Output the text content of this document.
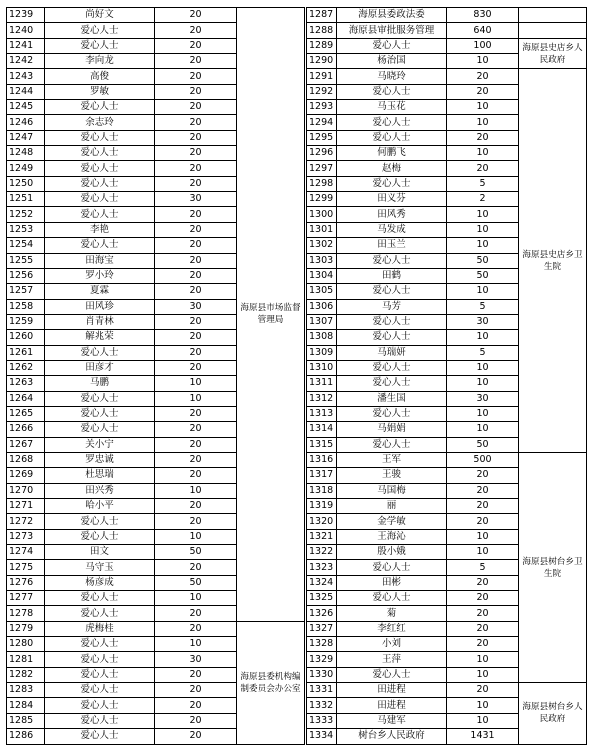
1239	尚好文	20	海原县市场监督管理局
1240	爱心人士	20	
1241	爱心人士	20	
1242	李向龙	20	
1243	高俊	20	
1244	罗敏	20	
1245	爱心人士	20	
1246	余志玲	20	
1247	爱心人士	20	
1248	爱心人士	20	
1249	爱心人士	20	
1250	爱心人士	20	
1251	爱心人士	30	
1252	爱心人士	20	
1253	李艳	20	
1254	爱心人士	20	
1255	田海宝	20	
1256	罗小玲	20	
1257	夏霖	20	
1258	田风珍	30	
1259	肖青林	20	
1260	解兆荣	20	
1261	爱心人士	20	
1262	田彦才	20	
1263	马鹏	10	
1264	爱心人士	10	
1265	爱心人士	20	
1266	爱心人士	20	
1267	关小宁	20	
1268	罗忠诚	20	
1269	杜思瑞	20	
1270	田兴秀	10	
1271	哈小平	20	
1272	爱心人士	20	
1273	爱心人士	10	
1274	田文	50	
1275	马守玉	20	
1276	杨彦成	50	
1277	爱心人士	10	
1278	爱心人士	20	
1279	虎梅桂	20	海原县委机构编制委员会办公室
1280	爱心人士	10	
1281	爱心人士	30	
1282	爱心人士	20	
1283	爱心人士	20	
1284	爱心人士	20	
1285	爱心人士	20	
1286	爱心人士	20	
1287	海原县委政法委	830	
1288	海原县审批服务管理	640	
1289	爱心人士	100	海原县史店乡人民政府
1290	杨治国	10	
1291	马晓玲	20	海原县史店乡卫生院
1292	爱心人士	20	
1293	马玉花	10	
1294	爱心人士	10	
1295	爱心人士	20	
1296	何鹏飞	10	
1297	赵梅	20	
1298	爱心人士	5	
1299	田义芬	2	
1300	田风秀	10	
1301	马发成	10	
1302	田玉兰	10	
1303	爱心人士	50	
1304	田鹤	50	
1305	爱心人士	10	
1306	马芳	5	
1307	爱心人士	30	
1308	爱心人士	10	
1309	马瑞妍	5	
1310	爱心人士	10	
1311	爱心人士	10	
1312	潘生国	30	
1313	爱心人士	10	
1314	马娟娟	10	
1315	爱心人士	50	
1316	王军	500	海原县树台乡卫生院
1317	王骏	20	
1318	马国梅	20	
1319	丽	20	
1320	金学敏	20	
1321	王海沁	10	
1322	殷小娥	10	
1323	爱心人士	5	
1324	田彬	20	
1325	爱心人士	20	
1326	菊	20	
1327	李红红	20	
1328	小刘	20	
1329	王萍	10	
1330	爱心人士	10	
1331	田进程	20	海原县树台乡人民政府
1332	田进程	10	
1333	马建军	10	
1334	树台乡人民政府	1431	
